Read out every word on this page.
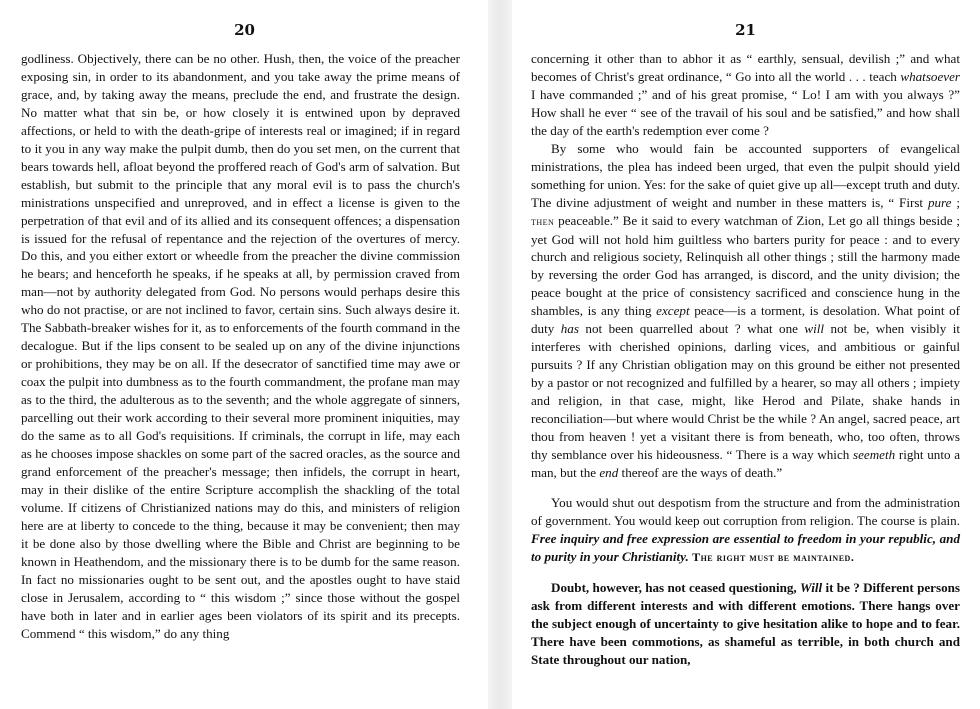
20

godliness. Objectively, there can be no other. Hush, then, the voice of the preacher exposing sin, in order to its abandonment, and you take away the prime means of grace, and, by taking away the means, preclude the end, and frustrate the design. No matter what that sin be, or how closely it is entwined upon by depraved affections, or held to with the death-gripe of interests real or imagined; if in regard to it you in any way make the pulpit dumb, then do you set men, on the current that bears towards hell, afloat beyond the proffered reach of God's arm of salvation. But establish, but submit to the principle that any moral evil is to pass the church's ministrations unspecified and unreproved, and in effect a license is given to the perpetration of that evil and of its allied and its consequent offences; a dispensation is issued for the refusal of repentance and the rejection of the overtures of mercy. Do this, and you either extort or wheedle from the preacher the divine commission he bears; and henceforth he speaks, if he speaks at all, by permission craved from man—not by authority delegated from God. No persons would perhaps desire this who do not practise, or are not inclined to favor, certain sins. Such always desire it. The Sabbath-breaker wishes for it, as to enforcements of the fourth command in the decalogue. But if the lips consent to be sealed up on any of the divine injunctions or prohibitions, they may be on all. If the desecrator of sanctified time may awe or coax the pulpit into dumbness as to the fourth commandment, the profane man may as to the third, the adulterous as to the seventh; and the whole aggregate of sinners, parcelling out their work according to their several more prominent iniquities, may do the same as to all God's requisitions. If criminals, the corrupt in life, may each as he chooses impose shackles on some part of the sacred oracles, as the source and grand enforcement of the preacher's message; then infidels, the corrupt in heart, may in their dislike of the entire Scripture accomplish the shackling of the total volume. If citizens of Christianized nations may do this, and ministers of religion here are at liberty to concede to the thing, because it may be convenient; then may it be done also by those dwelling where the Bible and Christ are beginning to be known in Heathendom, and the missionary there is to be dumb for the same reason. In fact no missionaries ought to be sent out, and the apostles ought to have staid close in Jerusalem, according to “ this wisdom ;” since those without the gospel have both in later and in earlier ages been violators of its spirit and its precepts. Commend “ this wisdom,” do any thing

21

concerning it other than to abhor it as “ earthly, sensual, devilish ;” and what becomes of Christ's great ordinance, “ Go into all the world . . . teach whatsoever I have commanded ;” and of his great promise, “ Lo! I am with you always ?” How shall he ever “ see of the travail of his soul and be satisfied,” and how shall the day of the earth's redemption ever come ?

By some who would fain be accounted supporters of evangelical ministrations, the plea has indeed been urged, that even the pulpit should yield something for union. Yes: for the sake of quiet give up all—except truth and duty. The divine adjustment of weight and number in these matters is, “ First pure ; then peaceable.” Be it said to every watchman of Zion, Let go all things beside ; yet God will not hold him guiltless who barters purity for peace : and to every church and religious society, Relinquish all other things ; still the harmony made by reversing the order God has arranged, is discord, and the unity division; the peace bought at the price of consistency sacrificed and conscience hung in the shambles, is any thing except peace—is a torment, is desolation. What point of duty has not been quarrelled about ? what one will not be, when visibly it interferes with cherished opinions, darling vices, and ambitious or gainful pursuits ? If any Christian obligation may on this ground be either not presented by a pastor or not recognized and fulfilled by a hearer, so may all others ; impiety and religion, in that case, might, like Herod and Pilate, shake hands in reconciliation—but where would Christ be the while ? An angel, sacred peace, art thou from heaven ! yet a visitant there is from beneath, who, too often, throws thy semblance over his hideousness. “ There is a way which seemeth right unto a man, but the end thereof are the ways of death.”

You would shut out despotism from the structure and from the administration of government. You would keep out corruption from religion. The course is plain. Free inquiry and free expression are essential to freedom in your republic, and to purity in your Christianity. The right must be maintained.

Doubt, however, has not ceased questioning, Will it be ? Different persons ask from different interests and with different emotions. There hangs over the subject enough of uncertainty to give hesitation alike to hope and to fear. There have been commotions, as shameful as terrible, in both church and State throughout our nation,
